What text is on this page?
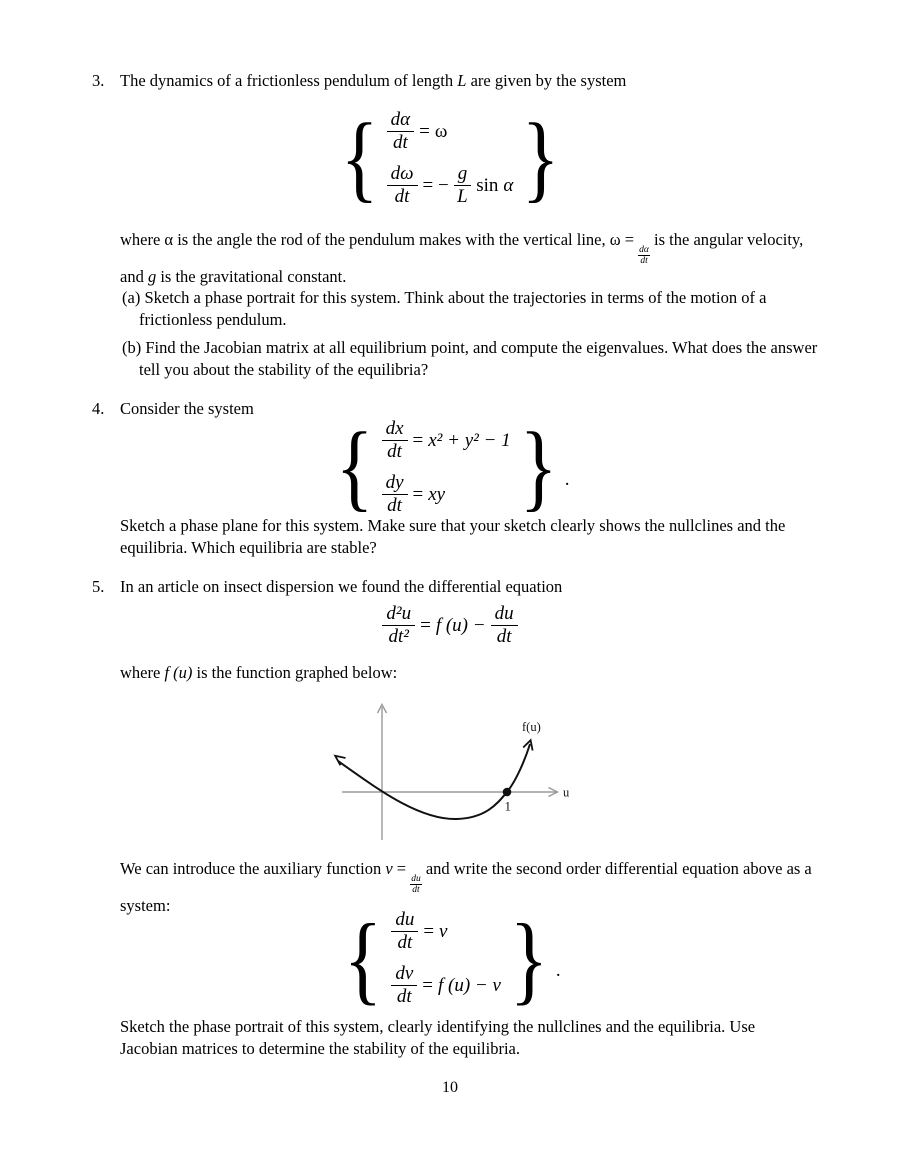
3. The dynamics of a frictionless pendulum of length L are given by the system
{ $\frac{d\alpha}{dt} = \omega$
$\frac{d\omega}{dt}$ = − $\frac{g}{L}$ sin α }
where α is the angle the rod of the pendulum makes with the vertical line, ω =
$\frac{d\alpha}{dt}$
is the angular velocity, and g is the gravitational constant.
(a) Sketch a phase portrait for this system. Think about the trajectories in terms of the motion of a frictionless pendulum.
(b) Find the Jacobian matrix at all equilibrium point, and compute the eigenvalues. What does the answer tell you about the stability of the equilibria?
4. Consider the system
{ $\frac{dx}{dt} = x^2 + y^2 - 1$
$\frac{dy}{dt}$ = xy } .
Sketch a phase plane for this system. Make sure that your sketch clearly shows the nullclines and the equilibria. Which equilibria are stable?
5. In an article on insect dispersion we found the differential equation
$\frac{\text{d²u}}{\text{dt²}} = f$ $(u) - \frac{du}{dt}$
where f (u) is the function graphed below:
f(u)
u
1
We can introduce the auxiliary function v =
$\frac{du}{dt}$
and write the second order differential equation above as a system:	{ $\frac{du}{dt} = v$
$\frac{dv}{dt} = f$ (u) − v } .
Sketch the phase portrait of this system, clearly identifying the nullclines and the equilibria. Use Jacobian matrices to determine the stability of the equilibria.
10
